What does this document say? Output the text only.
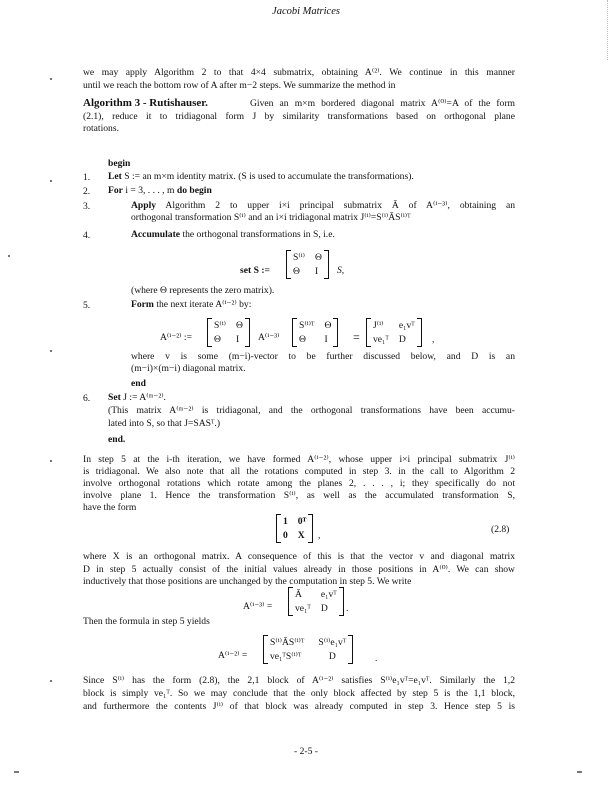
Jacobi Matrices
we may apply Algorithm 2 to that 4×4 submatrix, obtaining A⁽²⁾. We continue in this manner
until we reach the bottom row of A after m−2 steps. We summarize the method in
Algorithm 3 - Rutishauser.	Given an m×m bordered diagonal matrix A⁽⁰⁾=A of the form
(2.1), reduce it to tridiagonal form J by similarity transformations based on orthogonal plane
rotations.
begin
1. Let S := an m×m identity matrix. (S is used to accumulate the transformations).
2. For i = 3, . . . , m do begin
3.	Apply Algorithm 2 to upper i×i principal submatrix Ā of A⁽ⁱ⁻³⁾, obtaining an
orthogonal transformation S⁽ⁱ⁾ and an i×i tridiagonal matrix J⁽ⁱ⁾=S⁽ⁱ⁾ĀS⁽ⁱ⁾ᵀ
4.	Accumulate the orthogonal transformations in S, i.e.
set S :=
S⁽ⁱ⁾ Θ
Θ	I	S,
(where Θ represents the zero matrix).
5.	Form the next iterate A⁽ⁱ⁻²⁾ by:
A⁽ⁱ⁻²⁾ :=
S⁽ⁱ⁾ Θ
Θ	I	A⁽ⁱ⁻³⁾
S⁽ⁱ⁾ᵀ Θ
Θ	I	=
J⁽ⁱ⁾	e₁vᵀ
ve₁ᵀ D	,
where v is some (m−i)-vector to be further discussed below, and D is an
(m−i)×(m−i) diagonal matrix.
end
6. Set J := A⁽ᵐ⁻²⁾.
(This matrix A⁽ᵐ⁻²⁾ is tridiagonal, and the orthogonal transformations have been accumu-
lated into S, so that J=SASᵀ.)
end.
In step 5 at the i-th iteration, we have formed A⁽ⁱ⁻²⁾, whose upper i×i principal submatrix J⁽ⁱ⁾
is tridiagonal. We also note that all the rotations computed in step 3. in the call to Algorithm 2
involve orthogonal rotations which rotate among the planes 2, . . . , i; they specifically do not
involve plane 1. Hence the transformation S⁽ⁱ⁾, as well as the accumulated transformation S,
have the form
1 0ᵀ
0 X ,
(2.8)
where X is an orthogonal matrix. A consequence of this is that the vector v and diagonal matrix
D in step 5 actually consist of the initial values already in those positions in A⁽⁰⁾. We can show
inductively that those positions are unchanged by the computation in step 5. We write
A⁽ⁱ⁻³⁾ =
Ā	e₁vᵀ
ve₁ᵀ D	.
Then the formula in step 5 yields
A⁽ⁱ⁻²⁾ =
S⁽ⁱ⁾ĀS⁽ⁱ⁾ᵀ S⁽ⁱ⁾e₁vᵀ
ve₁ᵀS⁽ⁱ⁾ᵀ	D	.
Since S⁽ⁱ⁾ has the form (2.8), the 2,1 block of A⁽ⁱ⁻²⁾ satisfies S⁽ⁱ⁾e₁vᵀ=e₁vᵀ. Similarly the 1,2
block is simply ve₁ᵀ. So we may conclude that the only block affected by step 5 is the 1,1 block,
and furthermore the contents J⁽ⁱ⁾ of that block was already computed in step 3. Hence step 5 is
- 2-5 -
